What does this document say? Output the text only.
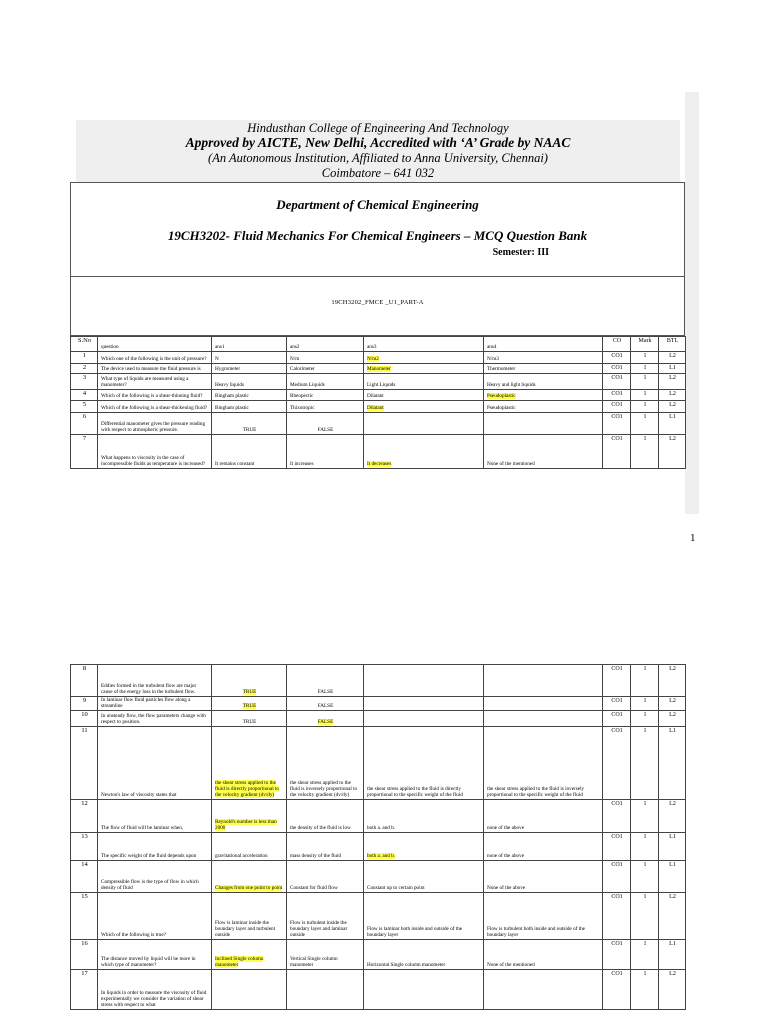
Hindusthan College of Engineering And Technology
Approved by AICTE, New Delhi, Accredited with ‘A’ Grade by NAAC
(An Autonomous Institution, Affiliated to Anna University, Chennai)
Coimbatore – 641 032
Department of Chemical Engineering
19CH3202- Fluid Mechanics For Chemical Engineers – MCQ Question Bank
Semester: III
19CH3202_FMCE _U1_PART-A
S.No	question	ans1	ans2	ans3	ans4	CO	Mark	BTL
1	Which one of the following is the unit of pressure?	N	N/m	N/m2	N/m3	CO1	1	L2
2	The device used to measure the fluid pressure is	Hygrometer	Calorimeter	Manometer	Thermometer	CO1	1	L1
3	What type of liquids are measured using a manometer?	Heavy liquids	Medium Liquids	Light Liquids	Heavy and light liquids	CO1	1	L2
4	Which of the following is a shear-thinning fluid?	Bingham plastic	Rheopectic	Dilatant	Pseudoplastic	CO1	1	L2
5	Which of the following is a shear-thickening fluid?	Bingham plastic	Thixotropic	Dilatant	Pseudoplastic	CO1	1	L2
6	Differential manometer gives the pressure reading with respect to atmospheric pressure.	TRUE	FALSE			CO1	1	L1
7	What happens to viscosity in the case of incompressible fluids as temperature is increased?	It remains constant	It increases	It decreases	None of the mentioned	CO1	1	L2
1
8	Eddies formed in the turbulent flow are major cause of the energy loss in the turbulent flow.	TRUE	FALSE			CO1	1	L2
9	In laminar flow fluid particles flow along a streamline	TRUE	FALSE			CO1	1	L2
10	In unsteady flow, the flow parameters change with respect to position.	TRUE	FALSE			CO1	1	L2
11	Newton's law of viscosity states that	the shear stress applied to the fluid is directly proportional to the velocity gradient (dv/dy)	the shear stress applied to the fluid is inversely proportional to the velocity gradient (dv/dy)	the shear stress applied to the fluid is directly proportional to the specific weight of the fluid	the shear stress applied to the fluid is inversely proportional to the specific weight of the fluid	CO1	1	L1
12	The flow of fluid will be laminar when,	Reynold's number is less than 2000	the density of the fluid is low	both a. and b.	none of the above	CO1	1	L2
13	The specific weight of the fluid depends upon	gravitational acceleration	mass density of the fluid	both a. and b.	none of the above	CO1	1	L1
14	Compressible flow is the type of flow in which density of fluid	Changes from one point to point	Constant for fluid flow	Constant up to certain point	None of the above	CO1	1	L1
15	Which of the following is true?	Flow is laminar inside the boundary layer and turbulent outside	Flow is turbulent inside the boundary layer and laminar outside	Flow is laminar both inside and outside of the boundary layer	Flow is turbulent both inside and outside of the boundary layer	CO1	1	L2
16	The distance moved by liquid will be more in which type of manometer?	Inclined Single column manometer	Vertical Single column manometer	Horizontal Single column manometer	None of the mentioned	CO1	1	L1
17	In liquids in order to measure the viscosity of fluid experimentally we consider the variation of shear stress with respect to what					CO1	1	L2
